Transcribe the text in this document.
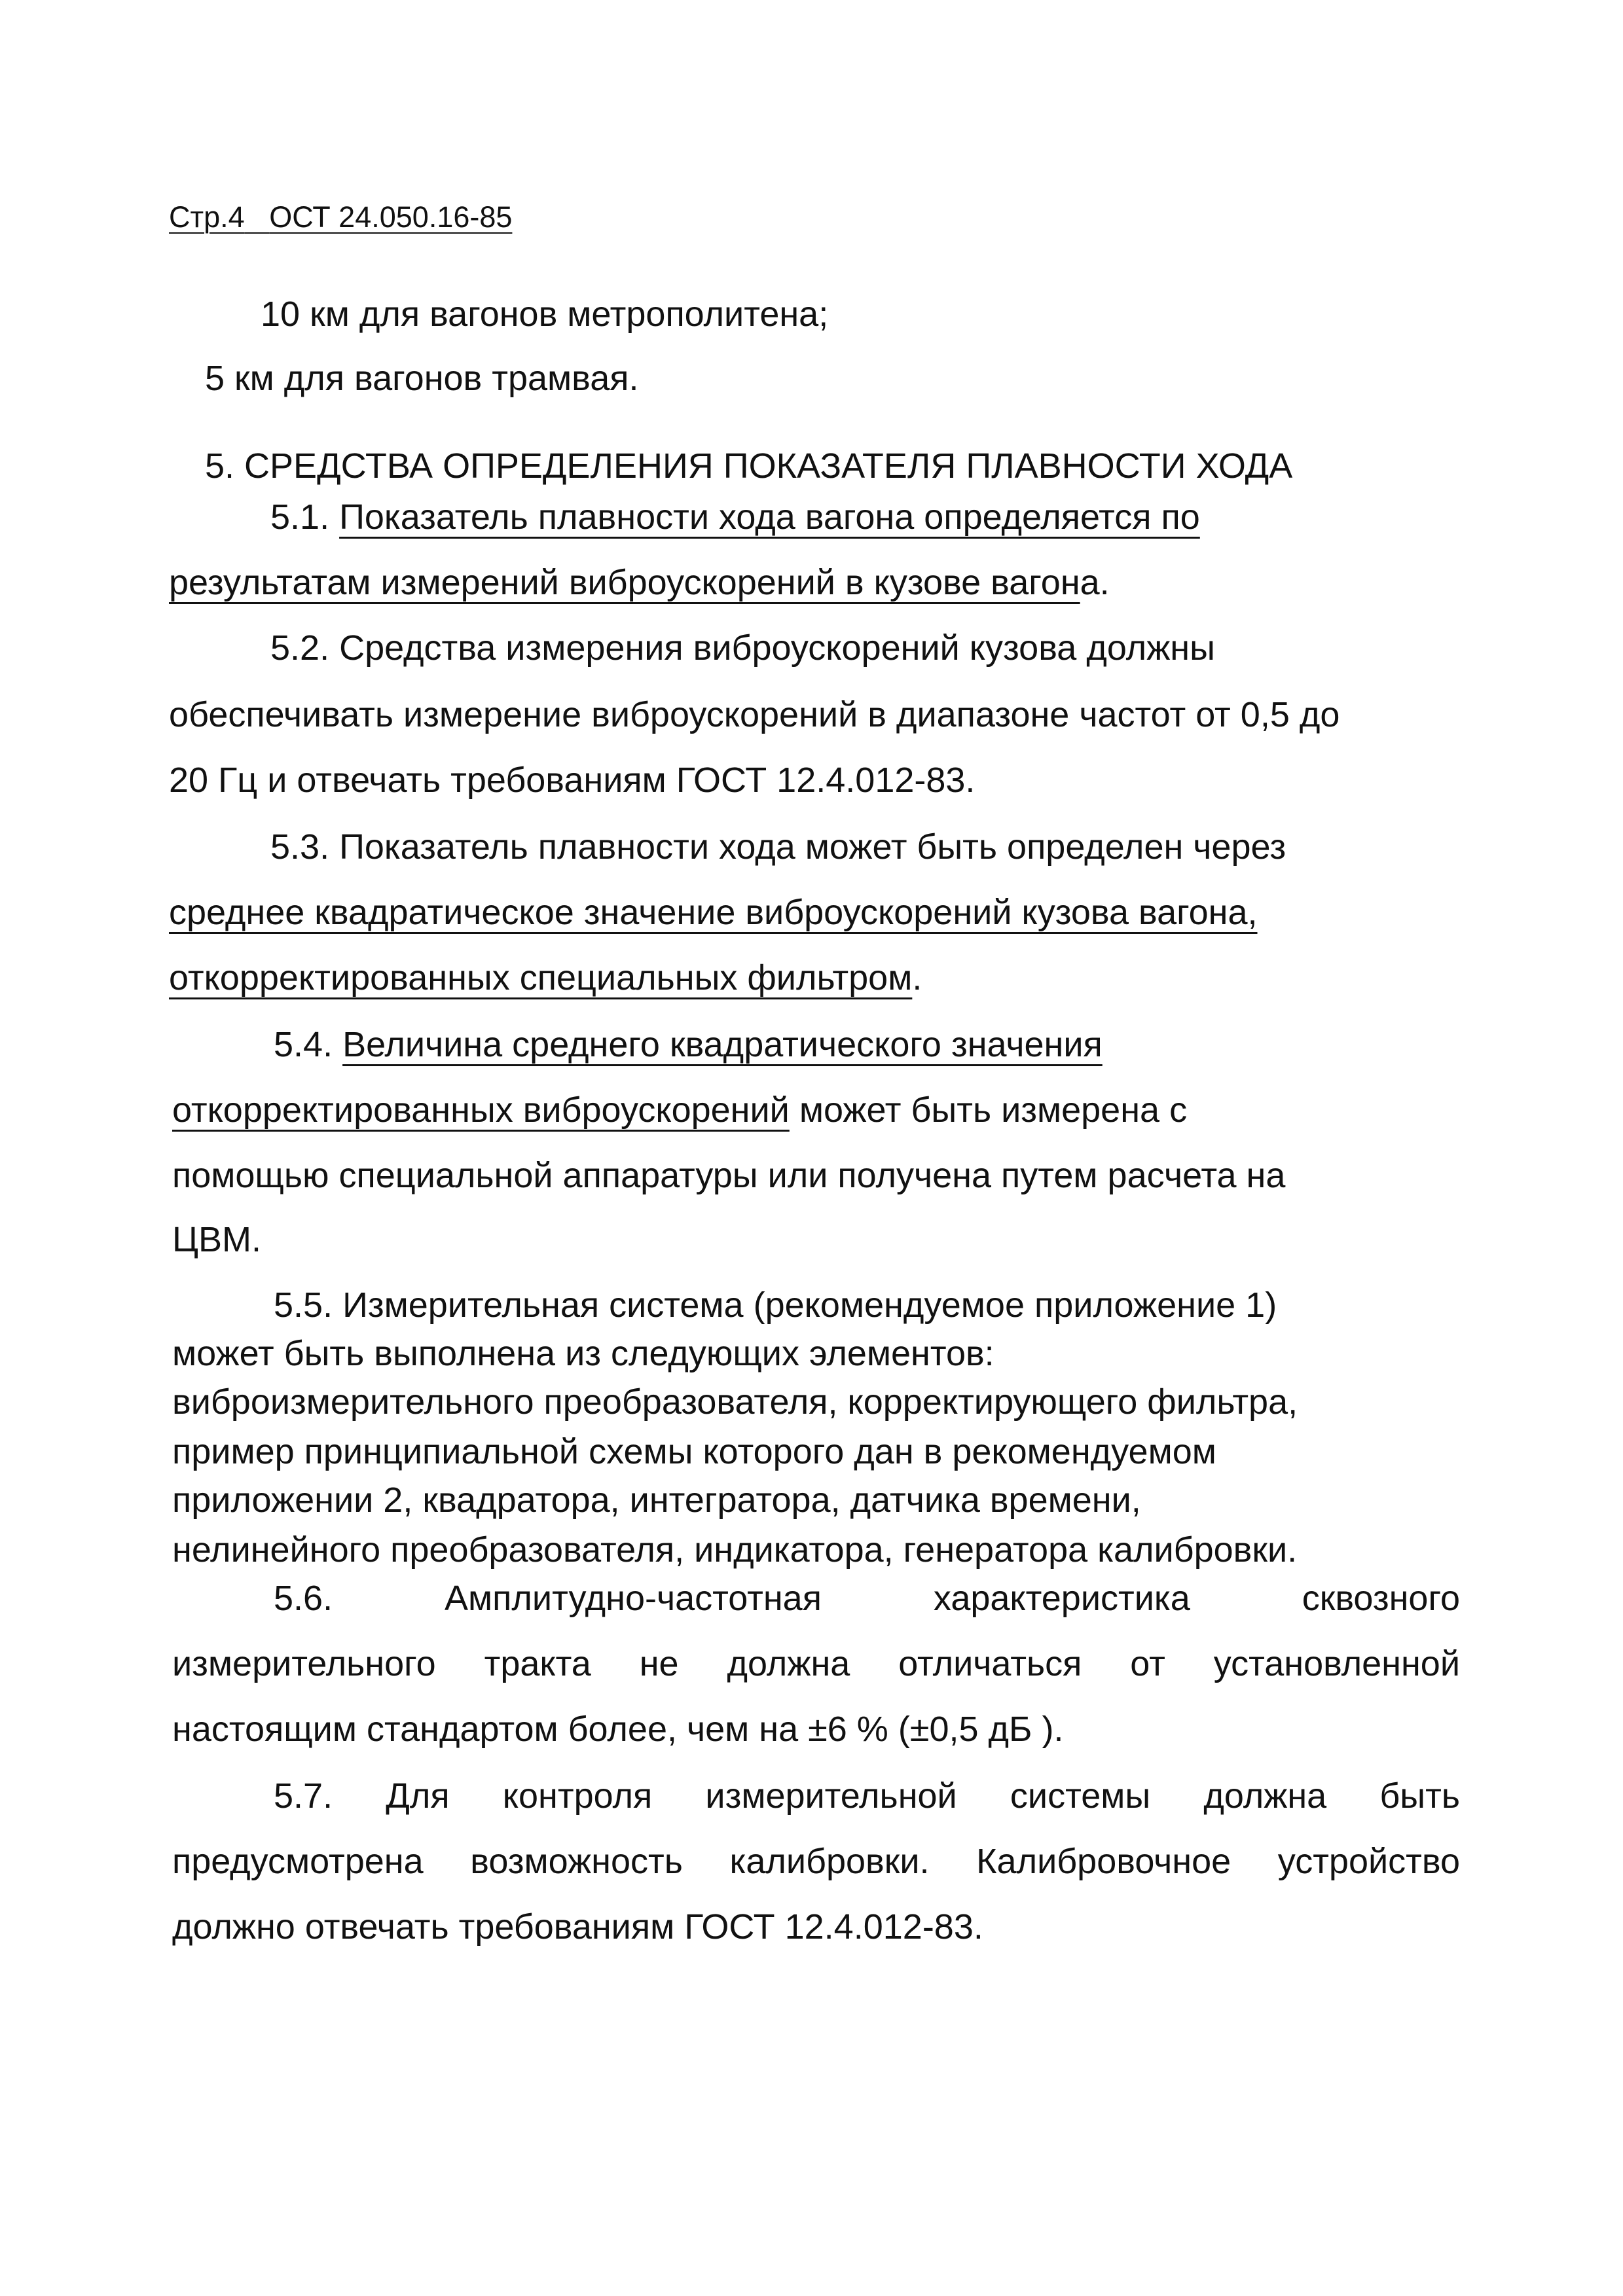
Стр.4 ОСТ 24.050.16-85
10 км для вагонов метрополитена;
5 км для вагонов трамвая.
5. СРЕДСТВА ОПРЕДЕЛЕНИЯ ПОКАЗАТЕЛЯ ПЛАВНОСТИ ХОДА
5.1. Показатель плавности хода вагона определяется по
результатам измерений виброускорений в кузове вагона.
5.2. Средства измерения виброускорений кузова должны
обеспечивать измерение виброускорений в диапазоне частот от 0,5 до
20 Гц и отвечать требованиям ГОСТ 12.4.012-83.
5.3. Показатель плавности хода может быть определен через
среднее квадратическое значение виброускорений кузова вагона,
откорректированных специальных фильтром.
5.4. Величина среднего квадратического значения
откорректированных виброускорений может быть измерена с
помощью специальной аппаратуры или получена путем расчета на
ЦВМ.
5.5. Измерительная система (рекомендуемое приложение 1)
может быть выполнена из следующих элементов:
виброизмерительного преобразователя, корректирующего фильтра,
пример принципиальной схемы которого дан в рекомендуемом
приложении 2, квадратора, интегратора, датчика времени,
нелинейного преобразователя, индикатора, генератора калибровки.
5.6. Амплитудно-частотная характеристика сквозного
измерительного тракта не должна отличаться от установленной
настоящим стандартом более, чем на ±6 % (±0,5 дБ ).
5.7. Для контроля измерительной системы должна быть
предусмотрена возможность калибровки. Калибровочное устройство
должно отвечать требованиям ГОСТ 12.4.012-83.
